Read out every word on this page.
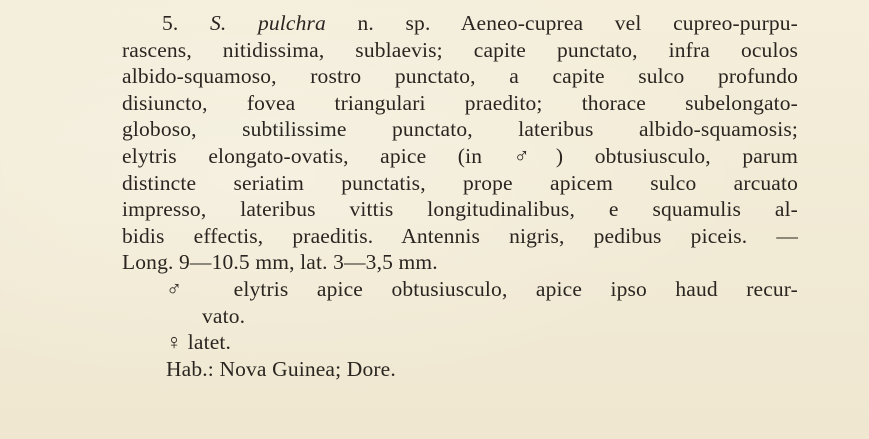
5. S. pulchra n. sp. Aeneo-cuprea vel cupreo-purpu-
rascens, nitidissima, sublaevis; capite punctato, infra oculos
albido-squamoso, rostro punctato, a capite sulco profundo
disiuncto, fovea triangulari praedito; thorace subelongato-
globoso, subtilissime punctato, lateribus albido-squamosis;
elytris elongato-ovatis, apice (in ♂) obtusiusculo, parum
distincte seriatim punctatis, prope apicem sulco arcuato
impresso, lateribus vittis longitudinalibus, e squamulis al-
bidis effectis, praeditis. Antennis nigris, pedibus piceis. —
Long. 9—10.5 mm, lat. 3—3,5 mm.
♂ elytris apice obtusiusculo, apice ipso haud recur-
vato.
♀ latet.
Hab.: Nova Guinea; Dore.
